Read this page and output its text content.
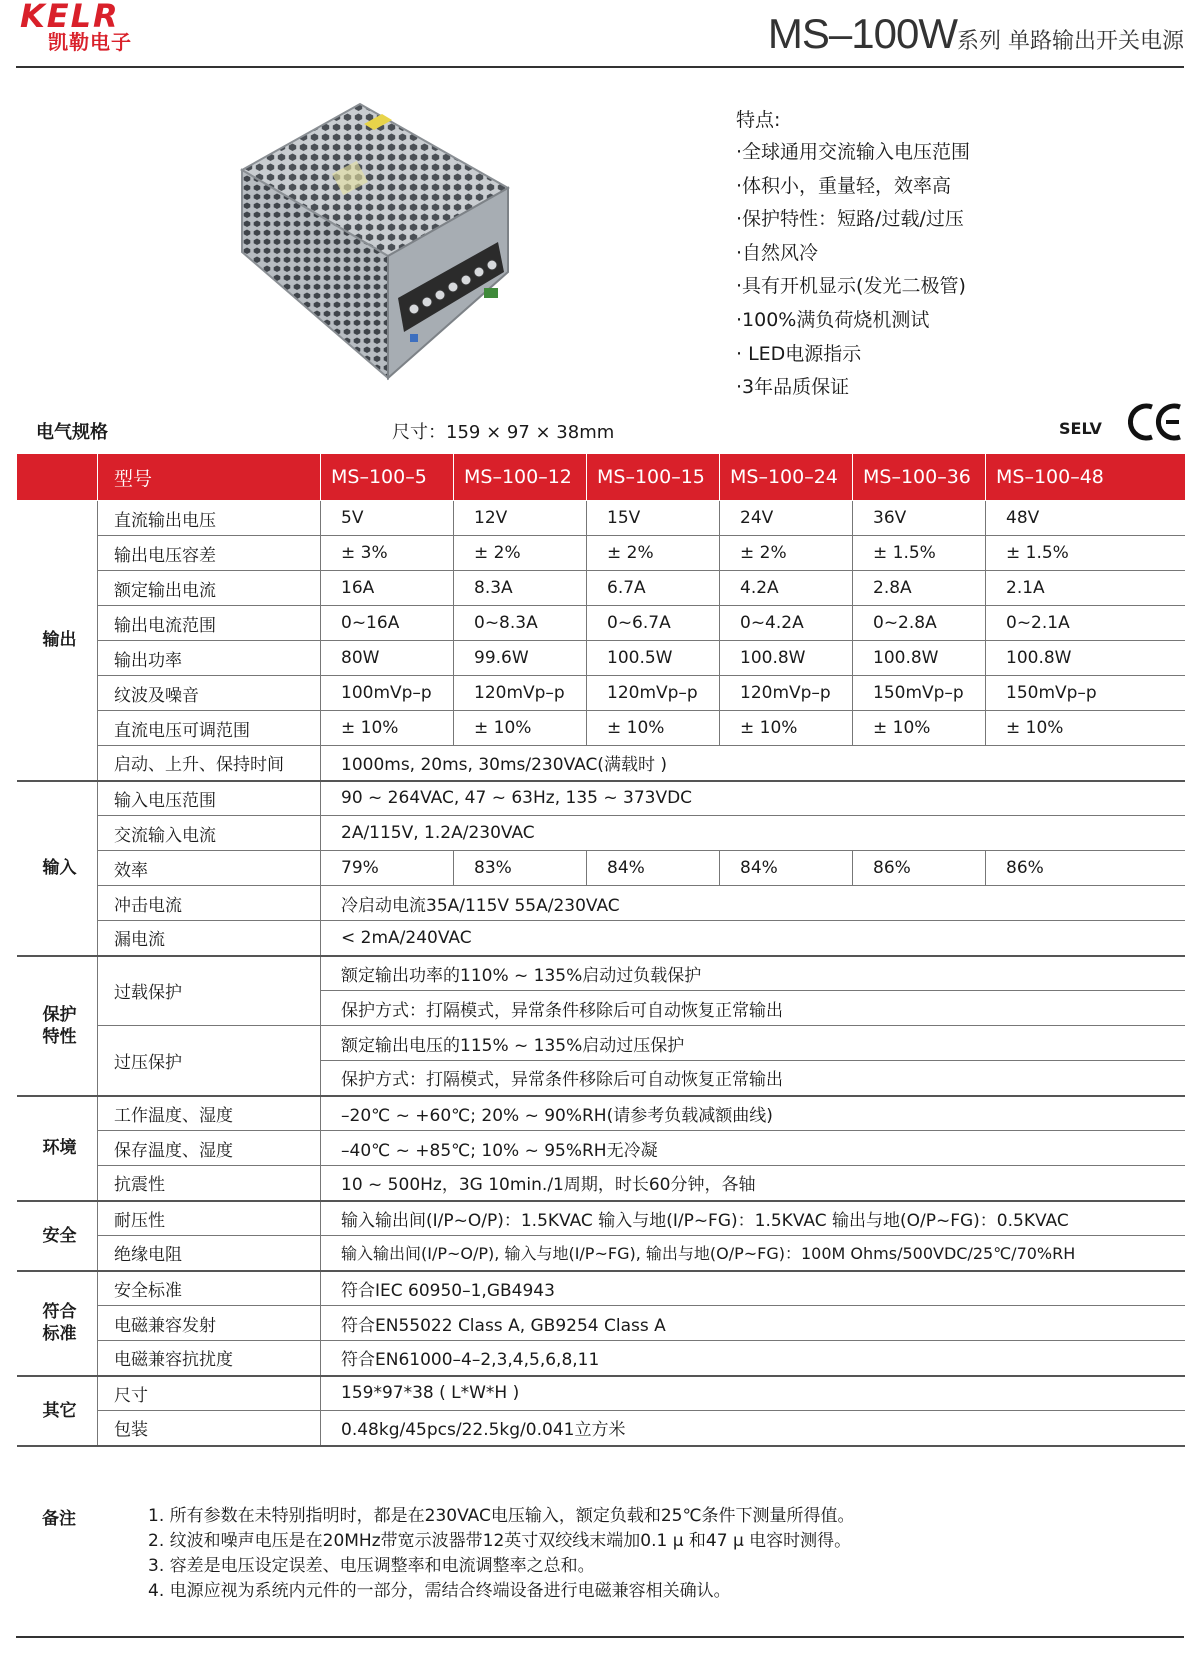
KELR
凯勒电子	MS–100W系列 单路输出开关电源
特点:
·全球通用交流输入电压范围
·体积小，重量轻，效率高
·保护特性：短路/过载/过压
·自然风冷
·具有开机显示(发光二极管)
·100%满负荷烧机测试
· LED电源指示
·3年品质保证
电气规格	尺寸：159 × 97 × 38mm	SELV
	型号	MS–100–5	MS–100–12	MS–100–15	MS–100–24	MS–100–36	MS–100–48
输出	直流输出电压	5V	12V	15V	24V	36V	48V
	输出电压容差	± 3%	± 2%	± 2%	± 2%	± 1.5%	± 1.5%
	额定输出电流	16A	8.3A	6.7A	4.2A	2.8A	2.1A
	输出电流范围	0~16A	0~8.3A	0~6.7A	0~4.2A	0~2.8A	0~2.1A
	输出功率	80W	99.6W	100.5W	100.8W	100.8W	100.8W
	纹波及噪音	100mVp–p	120mVp–p	120mVp–p	120mVp–p	150mVp–p	150mVp–p
	直流电压可调范围	± 10%	± 10%	± 10%	± 10%	± 10%	± 10%
	启动、上升、保持时间	1000ms, 20ms, 30ms/230VAC(满载时 )					
输入	输入电压范围	90 ~ 264VAC, 47 ~ 63Hz, 135 ~ 373VDC					
	交流输入电流	2A/115V, 1.2A/230VAC					
	效率	79%	83%	84%	84%	86%	86%
	冲击电流	冷启动电流35A/115V 55A/230VAC					
	漏电流	< 2mA/240VAC					
保护
特性	过载保护	额定输出功率的110% ~ 135%启动过负载保护					
		保护方式：打隔模式，异常条件移除后可自动恢复正常输出					
	过压保护	额定输出电压的115% ~ 135%启动过压保护					
		保护方式：打隔模式，异常条件移除后可自动恢复正常输出					
环境	工作温度、湿度	–20℃ ~ +60℃; 20% ~ 90%RH(请参考负载减额曲线)					
	保存温度、湿度	–40℃ ~ +85℃; 10% ~ 95%RH无冷凝					
	抗震性	10 ~ 500Hz，3G 10min./1周期，时长60分钟，各轴					
安全	耐压性	输入输出间(I/P~O/P)：1.5KVAC 输入与地(I/P~FG)：1.5KVAC 输出与地(O/P~FG)：0.5KVAC					
	绝缘电阻	输入输出间(I/P~O/P), 输入与地(I/P~FG), 输出与地(O/P~FG)：100M Ohms/500VDC/25℃/70%RH					
符合
标准	安全标准	符合IEC 60950–1,GB4943					
	电磁兼容发射	符合EN55022 Class A, GB9254 Class A					
	电磁兼容抗扰度	符合EN61000–4–2,3,4,5,6,8,11					
其它	尺寸	159*97*38 ( L*W*H )					
	包装	0.48kg/45pcs/22.5kg/0.041立方米					
备注	1. 所有参数在未特别指明时，都是在230VAC电压输入，额定负载和25℃条件下测量所得值。
2. 纹波和噪声电压是在20MHz带宽示波器带12英寸双绞线末端加0.1 μ 和47 μ 电容时测得。
3. 容差是电压设定误差、电压调整率和电流调整率之总和。
4. 电源应视为系统内元件的一部分，需结合终端设备进行电磁兼容相关确认。
